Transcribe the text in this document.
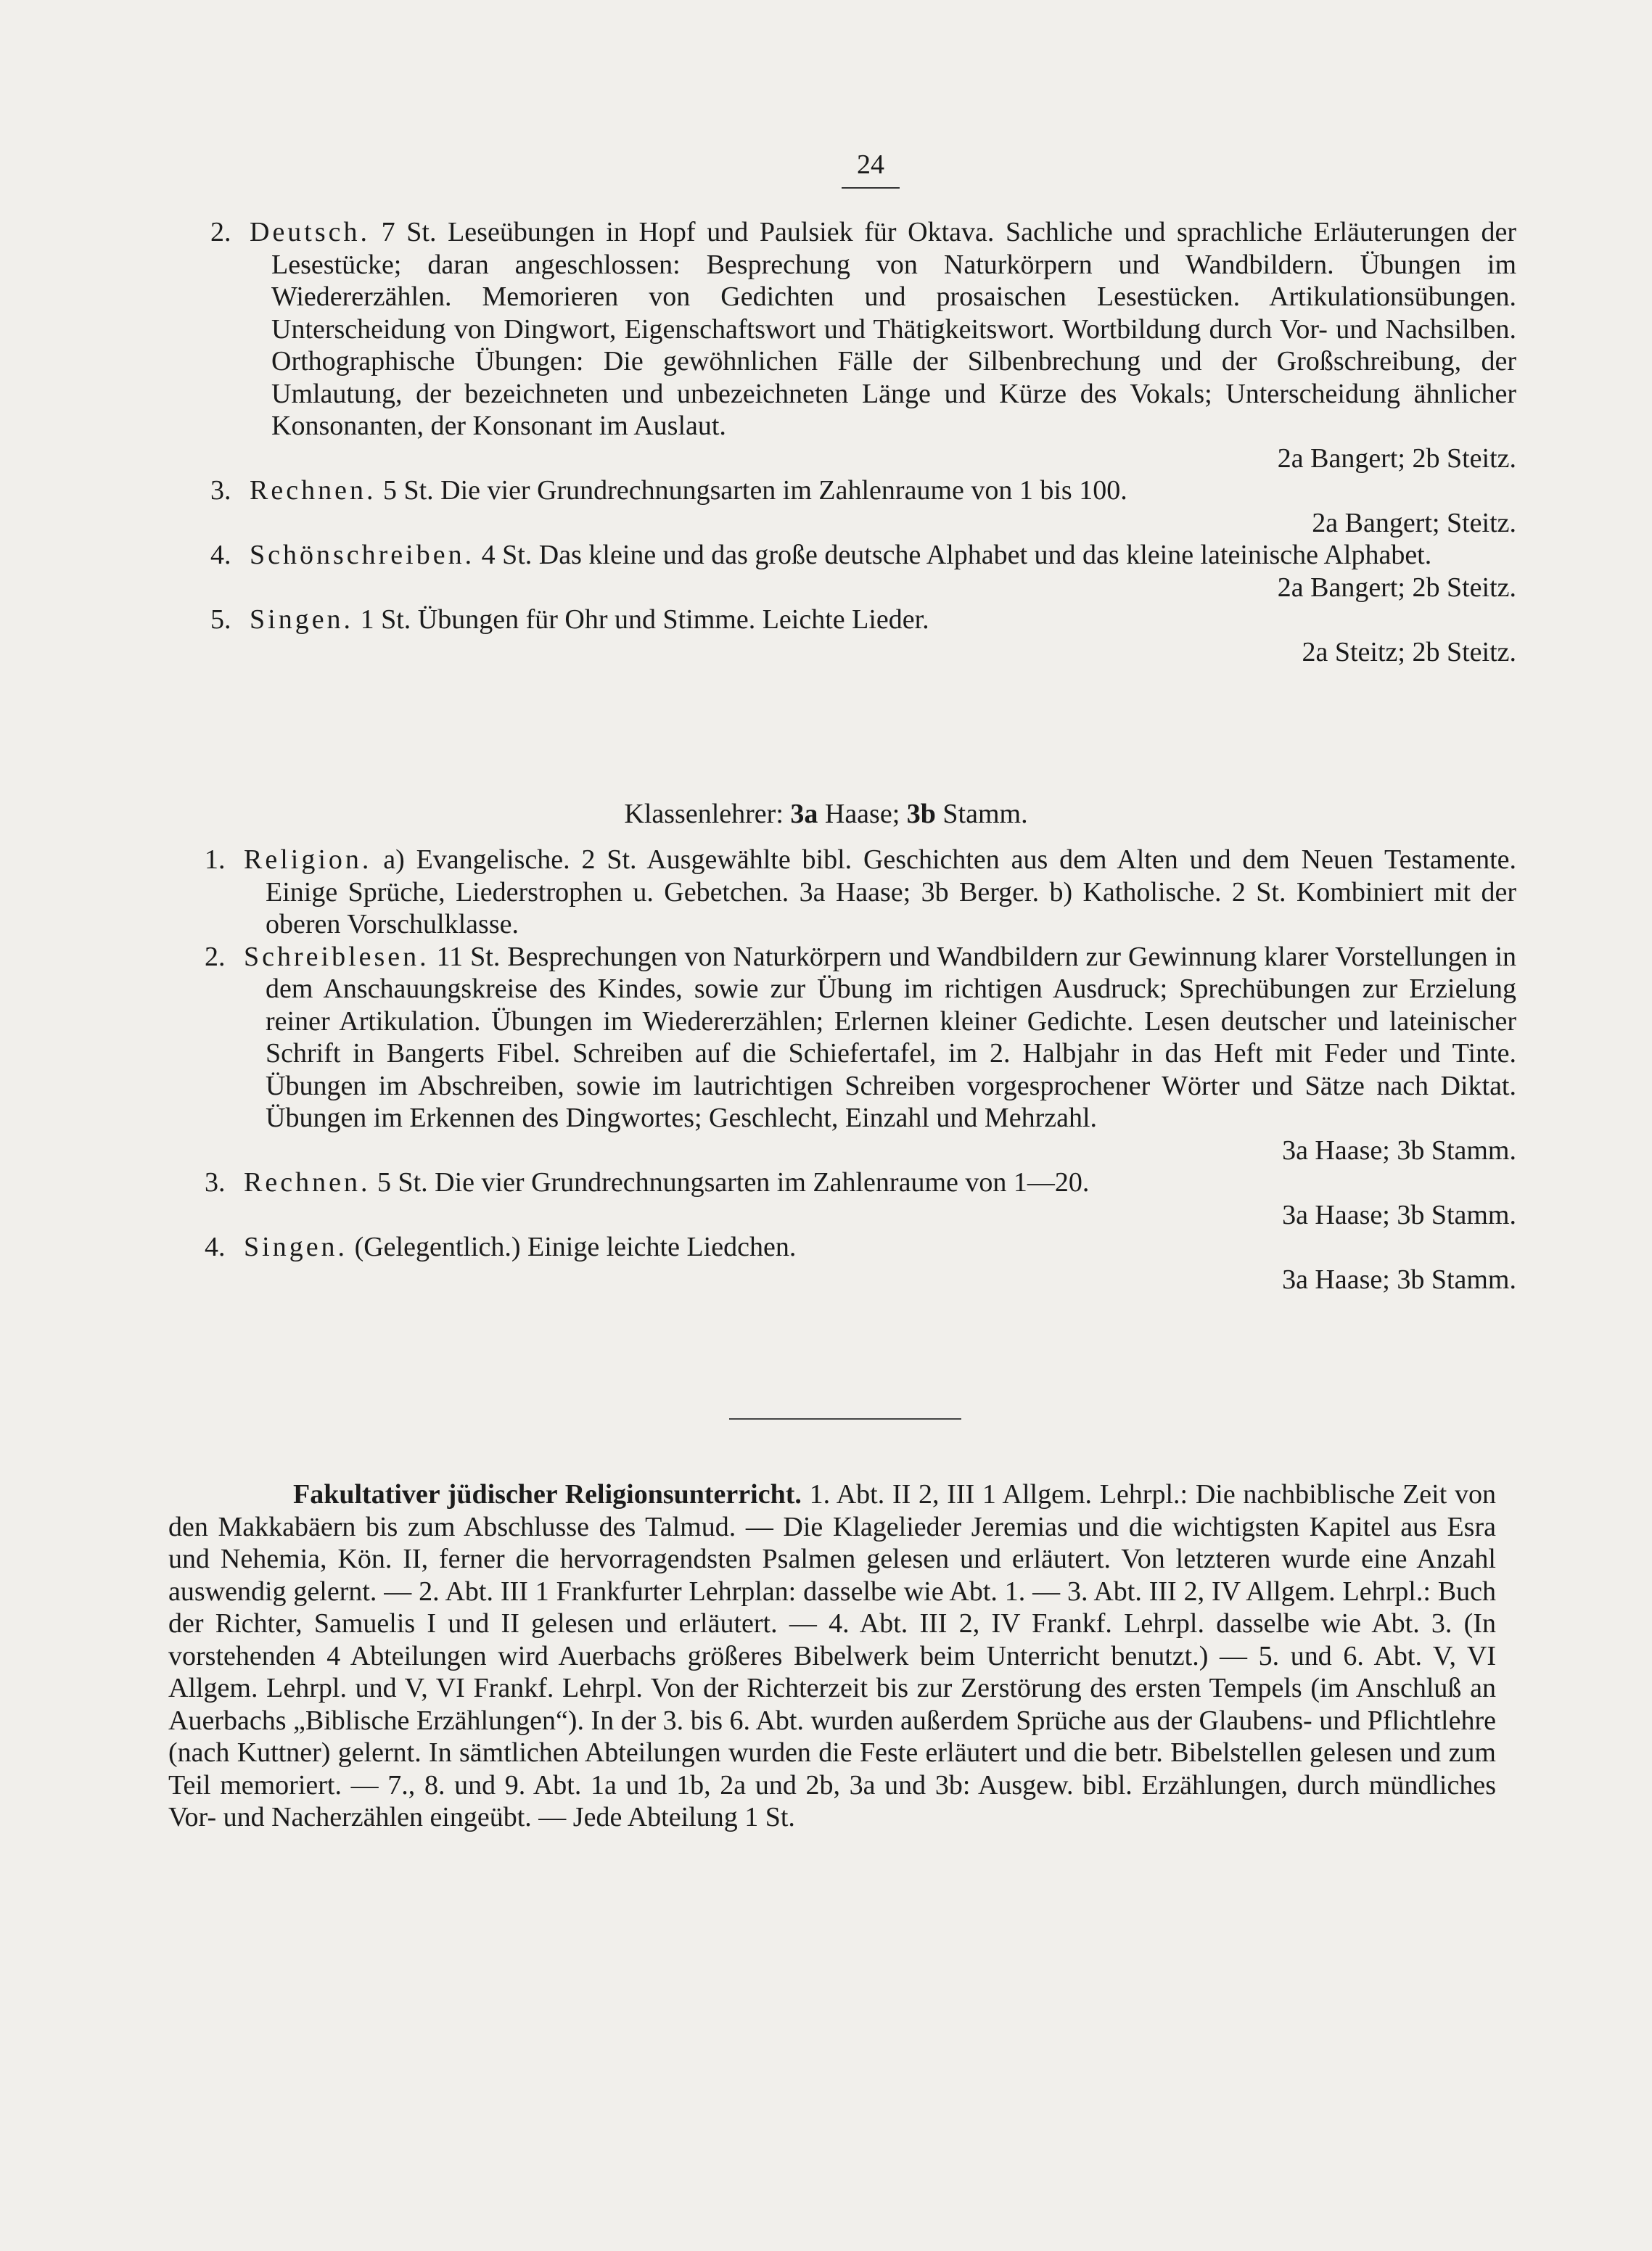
24

2. Deutsch. 7 St. Leseübungen in Hopf und Paulsiek für Oktava. Sachliche und sprachliche Erläuterungen der Lesestücke; daran angeschlossen: Besprechung von Naturkörpern und Wandbildern. Übungen im Wiedererzählen. Memorieren von Gedichten und prosaischen Lesestücken. Artikulationsübungen. Unterscheidung von Dingwort, Eigenschaftswort und Thätigkeitswort. Wortbildung durch Vor- und Nachsilben. Orthographische Übungen: Die gewöhnlichen Fälle der Silbenbrechung und der Großschreibung, der Umlautung, der bezeichneten und unbezeichneten Länge und Kürze des Vokals; Unterscheidung ähnlicher Konsonanten, der Konsonant im Auslaut.

2a Bangert; 2b Steitz.

3. Rechnen. 5 St. Die vier Grundrechnungsarten im Zahlenraume von 1 bis 100.

2a Bangert; Steitz.

4. Schönschreiben. 4 St. Das kleine und das große deutsche Alphabet und das kleine lateinische Alphabet.

2a Bangert; 2b Steitz.

5. Singen. 1 St. Übungen für Ohr und Stimme. Leichte Lieder.

2a Steitz; 2b Steitz.

Klassenlehrer: 3a Haase; 3b Stamm.

1. Religion. a) Evangelische. 2 St. Ausgewählte bibl. Geschichten aus dem Alten und dem Neuen Testamente. Einige Sprüche, Liederstrophen u. Gebetchen. 3a Haase; 3b Berger. b) Katholische. 2 St. Kombiniert mit der oberen Vorschulklasse.

2. Schreiblesen. 11 St. Besprechungen von Naturkörpern und Wandbildern zur Gewinnung klarer Vorstellungen in dem Anschauungskreise des Kindes, sowie zur Übung im richtigen Ausdruck; Sprechübungen zur Erzielung reiner Artikulation. Übungen im Wiedererzählen; Erlernen kleiner Gedichte. Lesen deutscher und lateinischer Schrift in Bangerts Fibel. Schreiben auf die Schiefertafel, im 2. Halbjahr in das Heft mit Feder und Tinte. Übungen im Abschreiben, sowie im lautrichtigen Schreiben vorgesprochener Wörter und Sätze nach Diktat. Übungen im Erkennen des Dingwortes; Geschlecht, Einzahl und Mehrzahl.

3a Haase; 3b Stamm.

3. Rechnen. 5 St. Die vier Grundrechnungsarten im Zahlenraume von 1—20.

3a Haase; 3b Stamm.

4. Singen. (Gelegentlich.) Einige leichte Liedchen.

3a Haase; 3b Stamm.

Fakultativer jüdischer Religionsunterricht. 1. Abt. II 2, III 1 Allgem. Lehrpl.: Die nachbiblische Zeit von den Makkabäern bis zum Abschlusse des Talmud. — Die Klagelieder Jeremias und die wichtigsten Kapitel aus Esra und Nehemia, Kön. II, ferner die hervorragendsten Psalmen gelesen und erläutert. Von letzteren wurde eine Anzahl auswendig gelernt. — 2. Abt. III 1 Frankfurter Lehrplan: dasselbe wie Abt. 1. — 3. Abt. III 2, IV Allgem. Lehrpl.: Buch der Richter, Samuelis I und II gelesen und erläutert. — 4. Abt. III 2, IV Frankf. Lehrpl. dasselbe wie Abt. 3. (In vorstehenden 4 Abteilungen wird Auerbachs größeres Bibelwerk beim Unterricht benutzt.) — 5. und 6. Abt. V, VI Allgem. Lehrpl. und V, VI Frankf. Lehrpl. Von der Richterzeit bis zur Zerstörung des ersten Tempels (im Anschluß an Auerbachs „Biblische Erzählungen“). In der 3. bis 6. Abt. wurden außerdem Sprüche aus der Glaubens- und Pflichtlehre (nach Kuttner) gelernt. In sämtlichen Abteilungen wurden die Feste erläutert und die betr. Bibelstellen gelesen und zum Teil memoriert. — 7., 8. und 9. Abt. 1a und 1b, 2a und 2b, 3a und 3b: Ausgew. bibl. Erzählungen, durch mündliches Vor- und Nacherzählen eingeübt. — Jede Abteilung 1 St.
